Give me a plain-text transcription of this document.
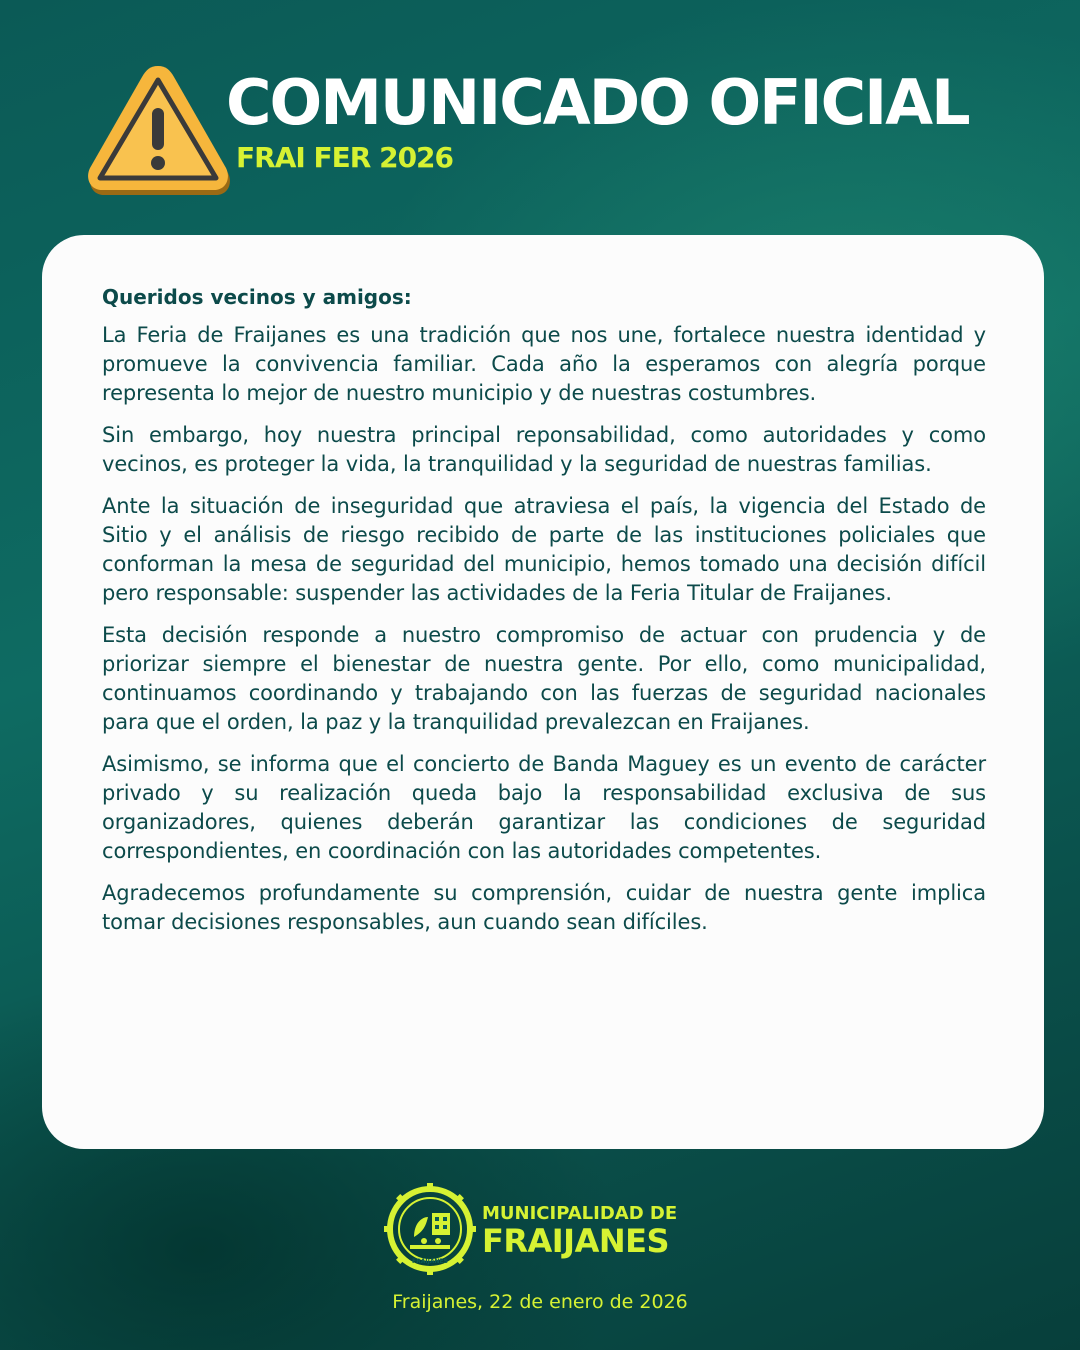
COMUNICADO OFICIAL
FRAI FER 2026

Queridos vecinos y amigos:

La Feria de Fraijanes es una tradición que nos une, fortalece nuestra identidad y promueve la convivencia familiar. Cada año la esperamos con alegría porque representa lo mejor de nuestro municipio y de nuestras costumbres.

Sin embargo, hoy nuestra principal reponsabilidad, como autoridades y como vecinos, es proteger la vida, la tranquilidad y la seguridad de nuestras familias.

Ante la situación de inseguridad que atraviesa el país, la vigencia del Estado de Sitio y el análisis de riesgo recibido de parte de las instituciones policiales que conforman la mesa de seguridad del municipio, hemos tomado una decisión difícil pero responsable: suspender las actividades de la Feria Titular de Fraijanes.

Esta decisión responde a nuestro compromiso de actuar con prudencia y de priorizar siempre el bienestar de nuestra gente. Por ello, como municipalidad, continuamos coordinando y trabajando con las fuerzas de seguridad nacionales para que el orden, la paz y la tranquilidad prevalezcan en Fraijanes.

Asimismo, se informa que el concierto de Banda Maguey es un evento de carácter privado y su realización queda bajo la responsabilidad exclusiva de sus organizadores, quienes deberán garantizar las condiciones de seguridad correspondientes, en coordinación con las autoridades competentes.

Agradecemos profundamente su comprensión, cuidar de nuestra gente implica tomar decisiones responsables, aun cuando sean difíciles.

FRAIJANES

MUNICIPALIDAD DE

FRAIJANES

Fraijanes, 22 de enero de 2026
